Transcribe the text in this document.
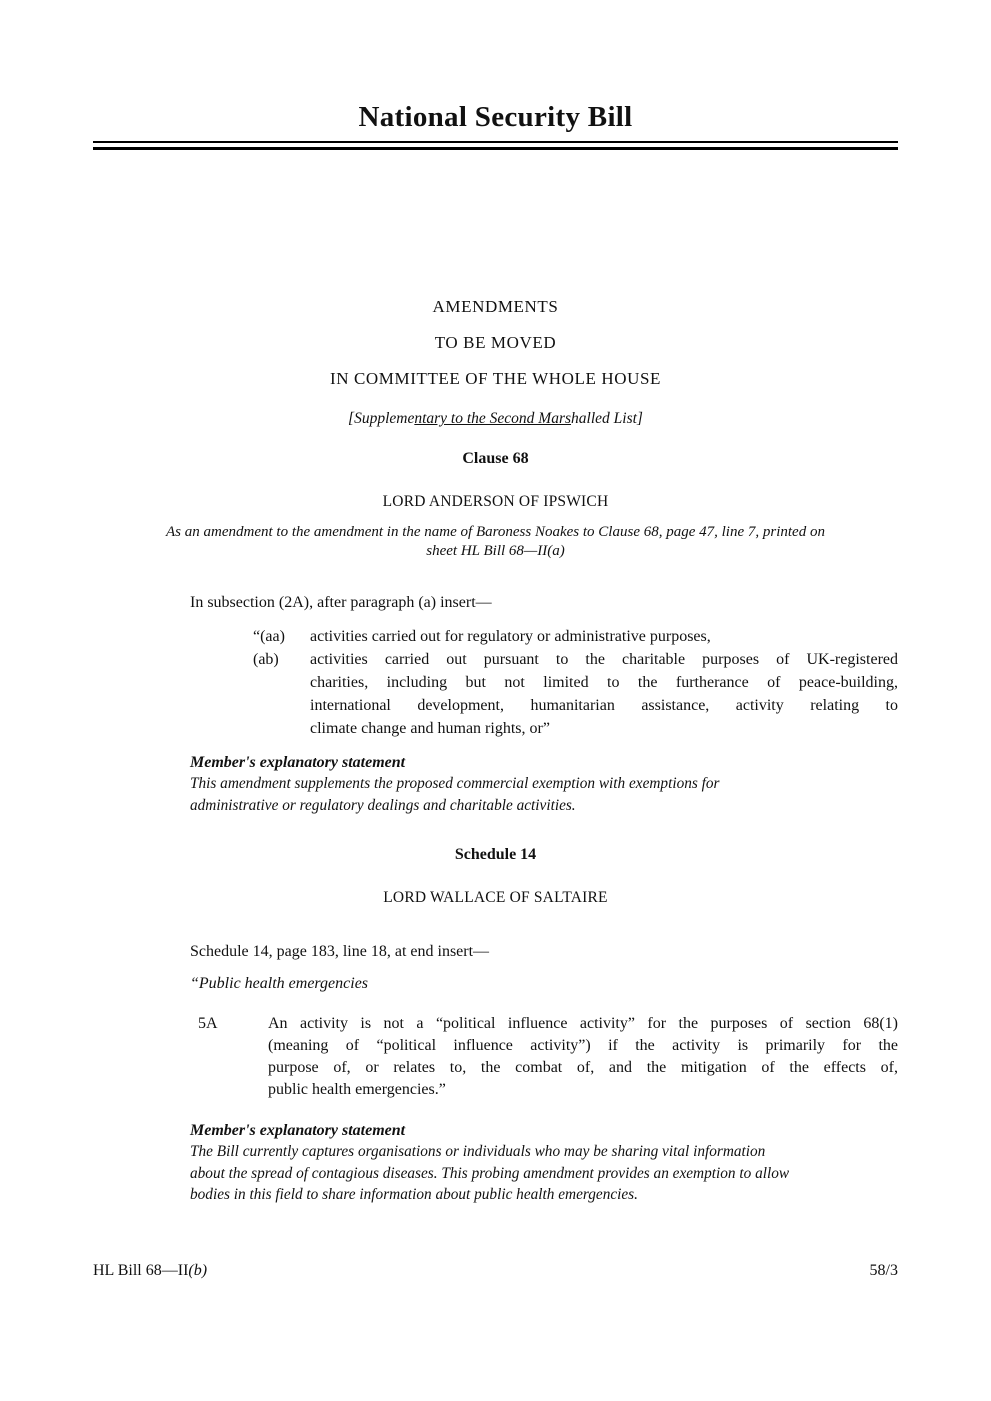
National Security Bill
AMENDMENTS
TO BE MOVED
IN COMMITTEE OF THE WHOLE HOUSE
[Supplementary to the Second Marshalled List]
Clause 68
LORD ANDERSON OF IPSWICH
As an amendment to the amendment in the name of Baroness Noakes to Clause 68, page 47, line 7, printed on
sheet HL Bill 68—II(a)
In subsection (2A), after paragraph (a) insert—
“(aa)	activities carried out for regulatory or administrative purposes,
(ab)	activities carried out pursuant to the charitable purposes of UK-registered
charities, including but not limited to the furtherance of peace-building,
international development, humanitarian assistance, activity relating to
climate change and human rights, or”
Member's explanatory statement
This amendment supplements the proposed commercial exemption with exemptions for
administrative or regulatory dealings and charitable activities.
Schedule 14
LORD WALLACE OF SALTAIRE
Schedule 14, page 183, line 18, at end insert—
“Public health emergencies
5A	An activity is not a “political influence activity” for the purposes of section 68(1)
(meaning of “political influence activity”) if the activity is primarily for the
purpose of, or relates to, the combat of, and the mitigation of the effects of,
public health emergencies.”
Member's explanatory statement
The Bill currently captures organisations or individuals who may be sharing vital information
about the spread of contagious diseases. This probing amendment provides an exemption to allow
bodies in this field to share information about public health emergencies.
HL Bill 68—II(b)	58/3
